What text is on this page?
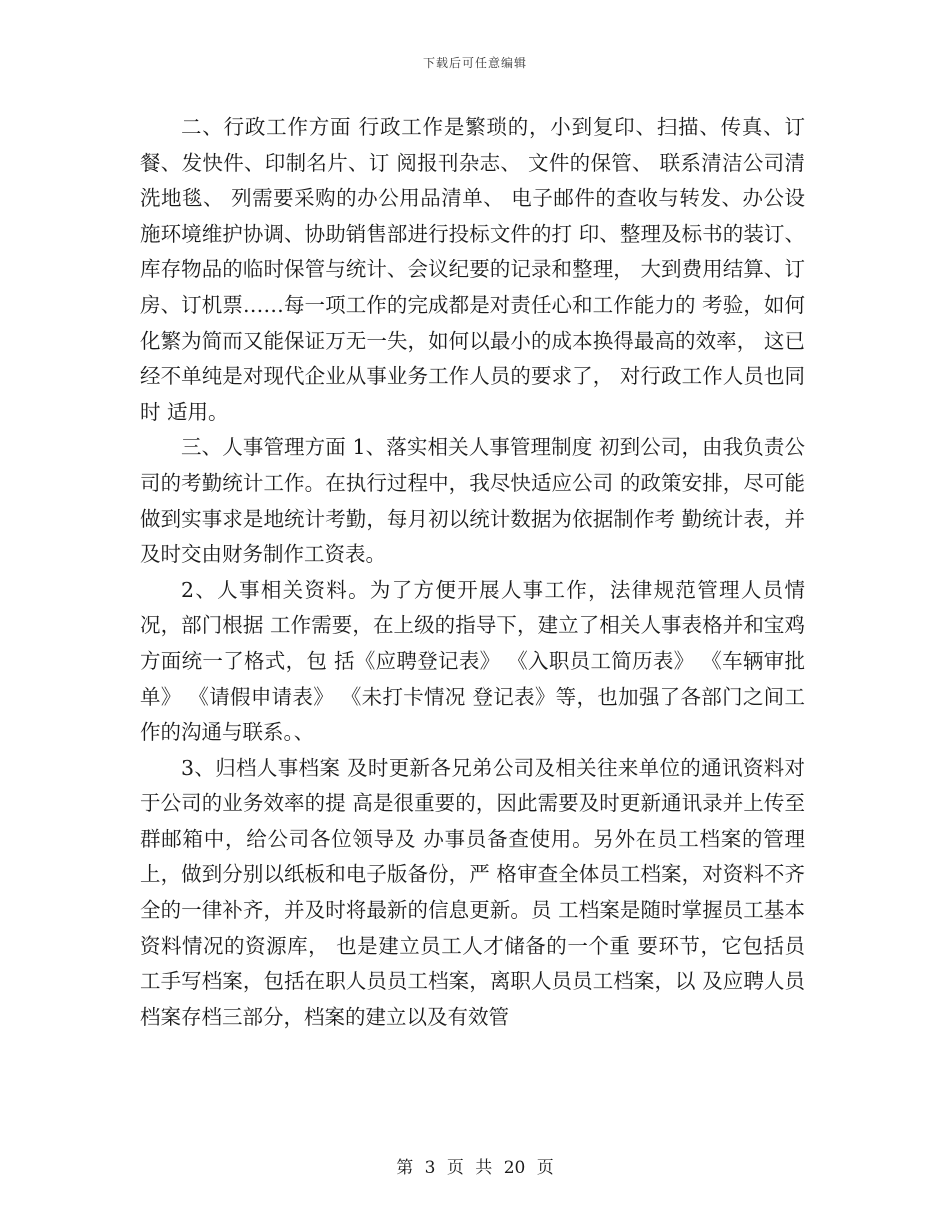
下载后可任意编辑

二、行政工作方面 行政工作是繁琐的，小到复印、扫描、传真、订餐、发快件、印制名片、订 阅报刊杂志、 文件的保管、 联系清洁公司清洗地毯、 列需要采购的办公用品清单、 电子邮件的查收与转发、办公设施环境维护协调、协助销售部进行投标文件的打 印、整理及标书的装订、库存物品的临时保管与统计、会议纪要的记录和整理， 大到费用结算、订房、订机票……每一项工作的完成都是对责任心和工作能力的 考验，如何化繁为简而又能保证万无一失，如何以最小的成本换得最高的效率， 这已经不单纯是对现代企业从事业务工作人员的要求了， 对行政工作人员也同时 适用。

三、人事管理方面 1、落实相关人事管理制度 初到公司，由我负责公司的考勤统计工作。在执行过程中，我尽快适应公司 的政策安排，尽可能做到实事求是地统计考勤，每月初以统计数据为依据制作考 勤统计表，并及时交由财务制作工资表。

2、人事相关资料。为了方便开展人事工作，法律规范管理人员情况，部门根据 工作需要，在上级的指导下，建立了相关人事表格并和宝鸡方面统一了格式，包 括《应聘登记表》 《入职员工简历表》 《车辆审批单》 《请假申请表》 《未打卡情况 登记表》等，也加强了各部门之间工作的沟通与联系。、

3、归档人事档案 及时更新各兄弟公司及相关往来单位的通讯资料对于公司的业务效率的提 高是很重要的，因此需要及时更新通讯录并上传至群邮箱中，给公司各位领导及 办事员备查使用。另外在员工档案的管理上，做到分别以纸板和电子版备份，严 格审查全体员工档案，对资料不齐全的一律补齐，并及时将最新的信息更新。员 工档案是随时掌握员工基本资料情况的资源库， 也是建立员工人才储备的一个重 要环节，它包括员工手写档案，包括在职人员员工档案，离职人员员工档案，以 及应聘人员档案存档三部分，档案的建立以及有效管

第 3 页 共 20 页
